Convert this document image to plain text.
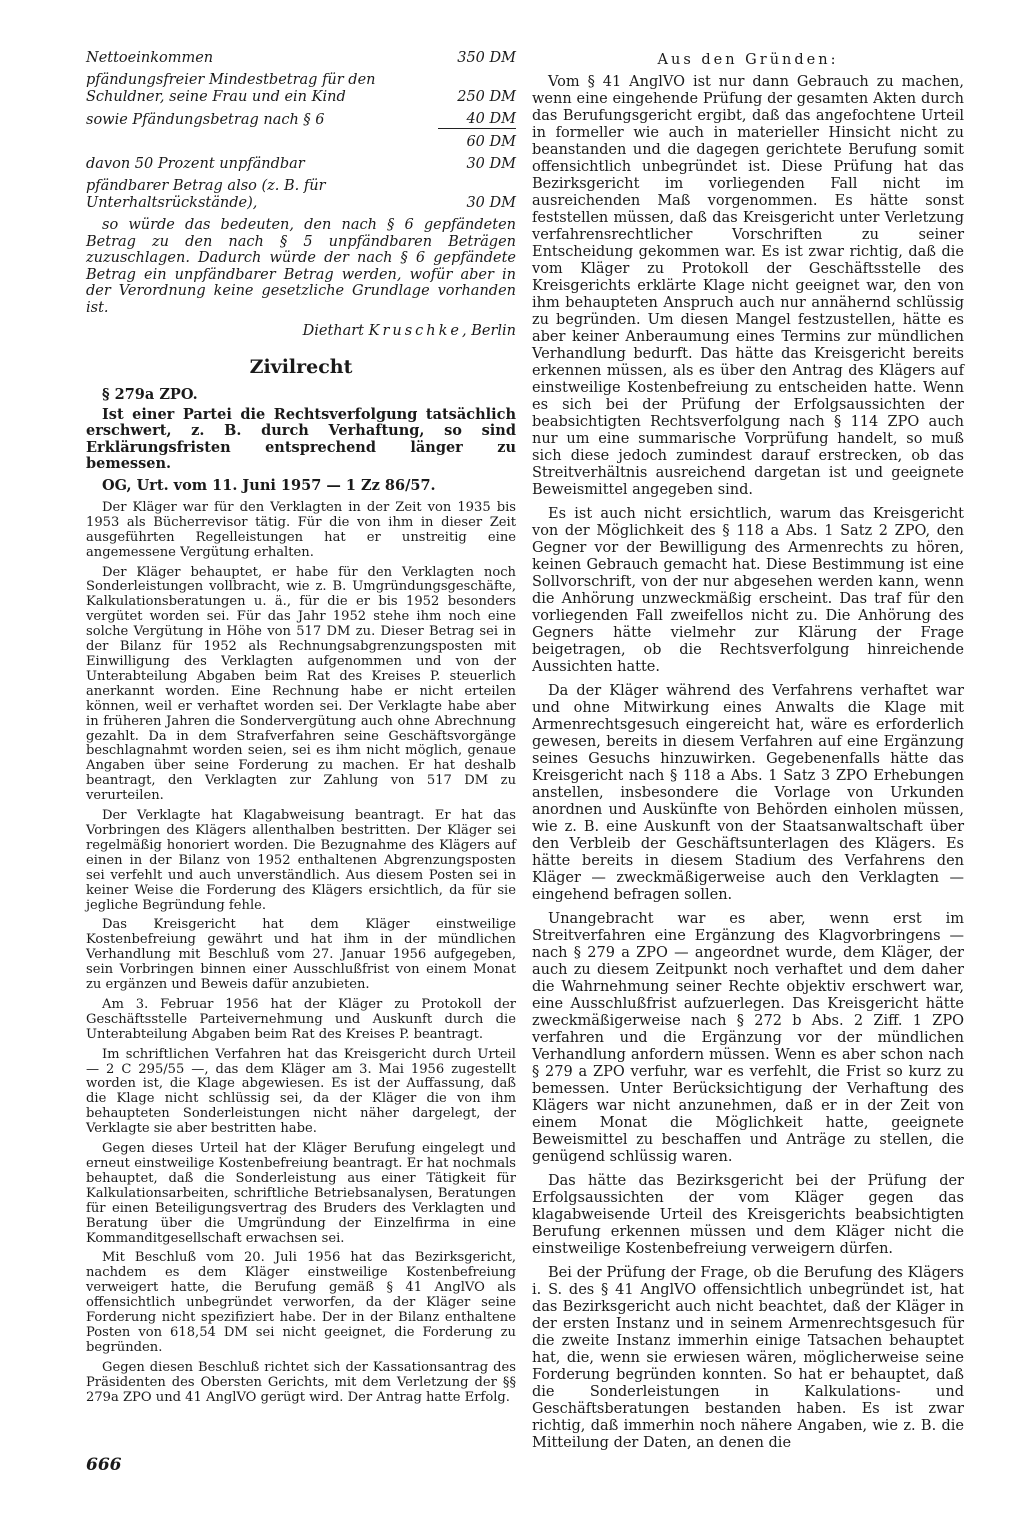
Nettoeinkommen	350 DM
pfändungsfreier Mindestbetrag für den Schuldner, seine Frau und ein Kind	250 DM
sowie Pfändungsbetrag nach § 6	40 DM
60 DM
davon 50 Prozent unpfändbar	30 DM
pfändbarer Betrag also (z. B. für Unterhaltsrückstände),	30 DM

so würde das bedeuten, den nach § 6 gepfändeten Betrag zu den nach § 5 unpfändbaren Beträgen zuzuschlagen. Dadurch würde der nach § 6 gepfändete Betrag ein unpfändbarer Betrag werden, wofür aber in der Verordnung keine gesetzliche Grundlage vorhanden ist.

Diethart Kruschke, Berlin

Zivilrecht

§ 279a ZPO.

Ist einer Partei die Rechtsverfolgung tatsächlich erschwert, z. B. durch Verhaftung, so sind Erklärungsfristen entsprechend länger zu bemessen.

OG, Urt. vom 11. Juni 1957 — 1 Zz 86/57.

Der Kläger war für den Verklagten in der Zeit von 1935 bis 1953 als Bücherrevisor tätig. Für die von ihm in dieser Zeit ausgeführten Regelleistungen hat er unstreitig eine angemessene Vergütung erhalten.

Der Kläger behauptet, er habe für den Verklagten noch Sonderleistungen vollbracht, wie z. B. Umgründungsgeschäfte, Kalkulationsberatungen u. ä., für die er bis 1952 besonders vergütet worden sei. Für das Jahr 1952 stehe ihm noch eine solche Vergütung in Höhe von 517 DM zu. Dieser Betrag sei in der Bilanz für 1952 als Rechnungsabgrenzungsposten mit Einwilligung des Verklagten aufgenommen und von der Unterabteilung Abgaben beim Rat des Kreises P. steuerlich anerkannt worden. Eine Rechnung habe er nicht erteilen können, weil er verhaftet worden sei. Der Verklagte habe aber in früheren Jahren die Sondervergütung auch ohne Abrechnung gezahlt. Da in dem Strafverfahren seine Geschäftsvorgänge beschlagnahmt worden seien, sei es ihm nicht möglich, genaue Angaben über seine Forderung zu machen. Er hat deshalb beantragt, den Verklagten zur Zahlung von 517 DM zu verurteilen.

Der Verklagte hat Klagabweisung beantragt. Er hat das Vorbringen des Klägers allenthalben bestritten. Der Kläger sei regelmäßig honoriert worden. Die Bezugnahme des Klägers auf einen in der Bilanz von 1952 enthaltenen Abgrenzungsposten sei verfehlt und auch unverständlich. Aus diesem Posten sei in keiner Weise die Forderung des Klägers ersichtlich, da für sie jegliche Begründung fehle.

Das Kreisgericht hat dem Kläger einstweilige Kostenbefreiung gewährt und hat ihm in der mündlichen Verhandlung mit Beschluß vom 27. Januar 1956 aufgegeben, sein Vorbringen binnen einer Ausschlußfrist von einem Monat zu ergänzen und Beweis dafür anzubieten.

Am 3. Februar 1956 hat der Kläger zu Protokoll der Geschäftsstelle Parteivernehmung und Auskunft durch die Unterabteilung Abgaben beim Rat des Kreises P. beantragt.

Im schriftlichen Verfahren hat das Kreisgericht durch Urteil — 2 C 295/55 —, das dem Kläger am 3. Mai 1956 zugestellt worden ist, die Klage abgewiesen. Es ist der Auffassung, daß die Klage nicht schlüssig sei, da der Kläger die von ihm behaupteten Sonderleistungen nicht näher dargelegt, der Verklagte sie aber bestritten habe.

Gegen dieses Urteil hat der Kläger Berufung eingelegt und erneut einstweilige Kostenbefreiung beantragt. Er hat nochmals behauptet, daß die Sonderleistung aus einer Tätigkeit für Kalkulationsarbeiten, schriftliche Betriebsanalysen, Beratungen für einen Beteiligungsvertrag des Bruders des Verklagten und Beratung über die Umgründung der Einzelfirma in eine Kommanditgesellschaft erwachsen sei.

Mit Beschluß vom 20. Juli 1956 hat das Bezirksgericht, nachdem es dem Kläger einstweilige Kostenbefreiung verweigert hatte, die Berufung gemäß § 41 AnglVO als offensichtlich unbegründet verworfen, da der Kläger seine Forderung nicht spezifiziert habe. Der in der Bilanz enthaltene Posten von 618,54 DM sei nicht geeignet, die Forderung zu begründen.

Gegen diesen Beschluß richtet sich der Kassationsantrag des Präsidenten des Obersten Gerichts, mit dem Verletzung der §§ 279a ZPO und 41 AnglVO gerügt wird. Der Antrag hatte Erfolg.

Aus den Gründen:

Vom § 41 AnglVO ist nur dann Gebrauch zu machen, wenn eine eingehende Prüfung der gesamten Akten durch das Berufungsgericht ergibt, daß das angefochtene Urteil in formeller wie auch in materieller Hinsicht nicht zu beanstanden und die dagegen gerichtete Berufung somit offensichtlich unbegründet ist. Diese Prüfung hat das Bezirksgericht im vorliegenden Fall nicht im ausreichenden Maß vorgenommen. Es hätte sonst feststellen müssen, daß das Kreisgericht unter Verletzung verfahrensrechtlicher Vorschriften zu seiner Entscheidung gekommen war. Es ist zwar richtig, daß die vom Kläger zu Protokoll der Geschäftsstelle des Kreisgerichts erklärte Klage nicht geeignet war, den von ihm behaupteten Anspruch auch nur annähernd schlüssig zu begründen. Um diesen Mangel festzustellen, hätte es aber keiner Anberaumung eines Termins zur mündlichen Verhandlung bedurft. Das hätte das Kreisgericht bereits erkennen müssen, als es über den Antrag des Klägers auf einstweilige Kostenbefreiung zu entscheiden hatte. Wenn es sich bei der Prüfung der Erfolgsaussichten der beabsichtigten Rechtsverfolgung nach § 114 ZPO auch nur um eine summarische Vorprüfung handelt, so muß sich diese jedoch zumindest darauf erstrecken, ob das Streitverhältnis ausreichend dargetan ist und geeignete Beweismittel angegeben sind.

Es ist auch nicht ersichtlich, warum das Kreisgericht von der Möglichkeit des § 118 a Abs. 1 Satz 2 ZPO, den Gegner vor der Bewilligung des Armenrechts zu hören, keinen Gebrauch gemacht hat. Diese Bestimmung ist eine Sollvorschrift, von der nur abgesehen werden kann, wenn die Anhörung unzweckmäßig erscheint. Das traf für den vorliegenden Fall zweifellos nicht zu. Die Anhörung des Gegners hätte vielmehr zur Klärung der Frage beigetragen, ob die Rechtsverfolgung hinreichende Aussichten hatte.

Da der Kläger während des Verfahrens verhaftet war und ohne Mitwirkung eines Anwalts die Klage mit Armenrechtsgesuch eingereicht hat, wäre es erforderlich gewesen, bereits in diesem Verfahren auf eine Ergänzung seines Gesuchs hinzuwirken. Gegebenenfalls hätte das Kreisgericht nach § 118 a Abs. 1 Satz 3 ZPO Erhebungen anstellen, insbesondere die Vorlage von Urkunden anordnen und Auskünfte von Behörden einholen müssen, wie z. B. eine Auskunft von der Staatsanwaltschaft über den Verbleib der Geschäftsunterlagen des Klägers. Es hätte bereits in diesem Stadium des Verfahrens den Kläger — zweckmäßigerweise auch den Verklagten — eingehend befragen sollen.

Unangebracht war es aber, wenn erst im Streitverfahren eine Ergänzung des Klagvorbringens — nach § 279 a ZPO — angeordnet wurde, dem Kläger, der auch zu diesem Zeitpunkt noch verhaftet und dem daher die Wahrnehmung seiner Rechte objektiv erschwert war, eine Ausschlußfrist aufzuerlegen. Das Kreisgericht hätte zweckmäßigerweise nach § 272 b Abs. 2 Ziff. 1 ZPO verfahren und die Ergänzung vor der mündlichen Verhandlung anfordern müssen. Wenn es aber schon nach § 279 a ZPO verfuhr, war es verfehlt, die Frist so kurz zu bemessen. Unter Berücksichtigung der Verhaftung des Klägers war nicht anzunehmen, daß er in der Zeit von einem Monat die Möglichkeit hatte, geeignete Beweismittel zu beschaffen und Anträge zu stellen, die genügend schlüssig waren.

Das hätte das Bezirksgericht bei der Prüfung der Erfolgsaussichten der vom Kläger gegen das klagabweisende Urteil des Kreisgerichts beabsichtigten Berufung erkennen müssen und dem Kläger nicht die einstweilige Kostenbefreiung verweigern dürfen.

Bei der Prüfung der Frage, ob die Berufung des Klägers i. S. des § 41 AnglVO offensichtlich unbegründet ist, hat das Bezirksgericht auch nicht beachtet, daß der Kläger in der ersten Instanz und in seinem Armenrechtsgesuch für die zweite Instanz immerhin einige Tatsachen behauptet hat, die, wenn sie erwiesen wären, möglicherweise seine Forderung begründen konnten. So hat er behauptet, daß die Sonderleistungen in Kalkulations- und Geschäftsberatungen bestanden haben. Es ist zwar richtig, daß immerhin noch nähere Angaben, wie z. B. die Mitteilung der Daten, an denen die

666
